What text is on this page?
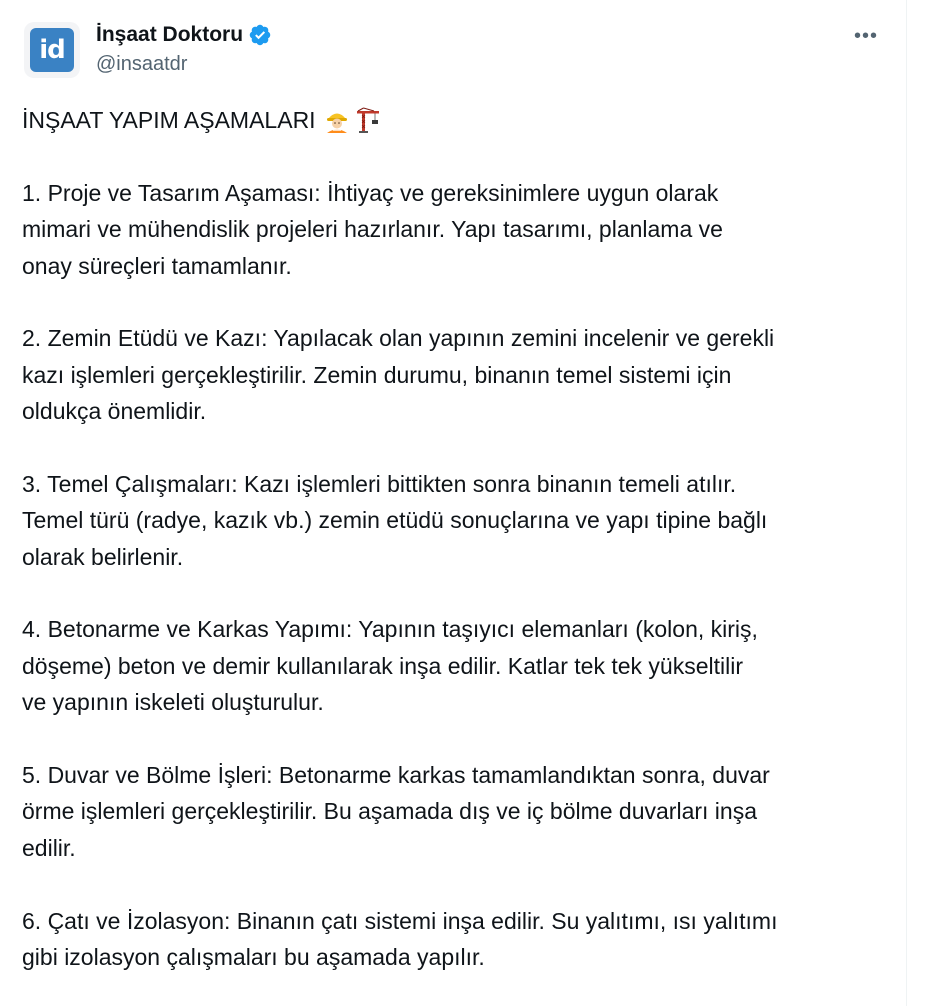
id
İnşaat Doktoru
@insaatdr
•••
İNŞAAT YAPIM AŞAMALARI
1. Proje ve Tasarım Aşaması: İhtiyaç ve gereksinimlere uygun olarak
mimari ve mühendislik projeleri hazırlanır. Yapı tasarımı, planlama ve
onay süreçleri tamamlanır.
2. Zemin Etüdü ve Kazı: Yapılacak olan yapının zemini incelenir ve gerekli
kazı işlemleri gerçekleştirilir. Zemin durumu, binanın temel sistemi için
oldukça önemlidir.
3. Temel Çalışmaları: Kazı işlemleri bittikten sonra binanın temeli atılır.
Temel türü (radye, kazık vb.) zemin etüdü sonuçlarına ve yapı tipine bağlı
olarak belirlenir.
4. Betonarme ve Karkas Yapımı: Yapının taşıyıcı elemanları (kolon, kiriş,
döşeme) beton ve demir kullanılarak inşa edilir. Katlar tek tek yükseltilir
ve yapının iskeleti oluşturulur.
5. Duvar ve Bölme İşleri: Betonarme karkas tamamlandıktan sonra, duvar
örme işlemleri gerçekleştirilir. Bu aşamada dış ve iç bölme duvarları inşa
edilir.
6. Çatı ve İzolasyon: Binanın çatı sistemi inşa edilir. Su yalıtımı, ısı yalıtımı
gibi izolasyon çalışmaları bu aşamada yapılır.
